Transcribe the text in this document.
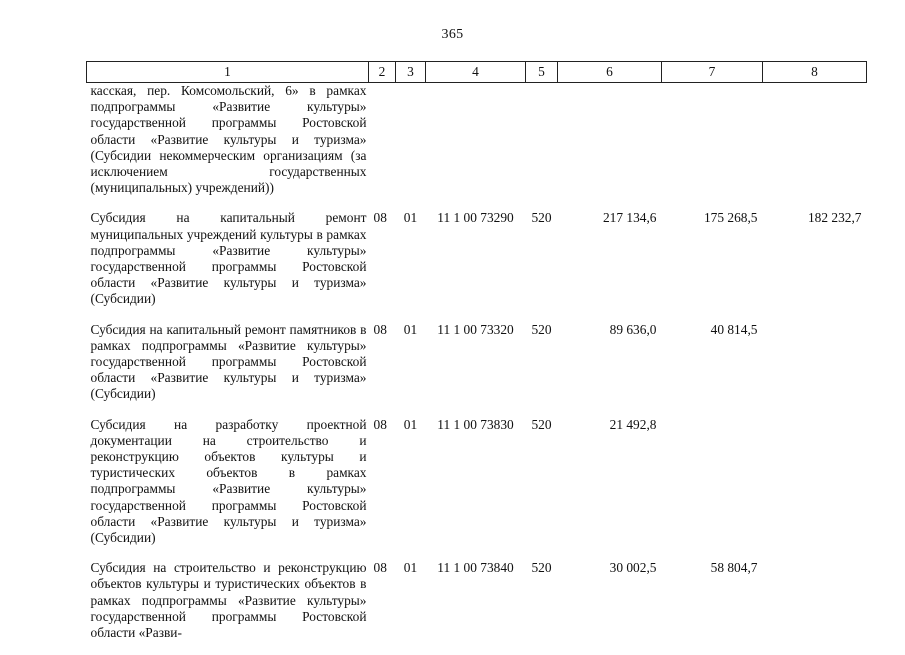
365
1	2	3	4	5	6	7	8
касская, пер. Комсомольский, 6» в рамках подпрограммы «Развитие культуры» государственной программы Ростовской области «Развитие культуры и туризма» (Субсидии некоммерческим организациям (за исключением государственных (муниципальных) учреждений))							
Субсидия на капитальный ремонт муниципальных учреждений культуры в рамках подпрограммы «Развитие культуры» государственной программы Ростовской области «Развитие культуры и туризма» (Субсидии)	08	01	11 1 00 73290	520	217 134,6	175 268,5	182 232,7
Субсидия на капитальный ремонт памятников в рамках подпрограммы «Развитие культуры» государственной программы Ростовской области «Развитие культуры и туризма» (Субсидии)	08	01	11 1 00 73320	520	89 636,0	40 814,5	
Субсидия на разработку проектной документации на строительство и реконструкцию объектов культуры и туристических объектов в рамках подпрограммы «Развитие культуры» государственной программы Ростовской области «Развитие культуры и туризма» (Субсидии)	08	01	11 1 00 73830	520	21 492,8		
Субсидия на строительство и реконструкцию объектов культуры и туристических объектов в рамках подпрограммы «Развитие культуры» государственной программы Ростовской области «Разви-	08	01	11 1 00 73840	520	30 002,5	58 804,7	
